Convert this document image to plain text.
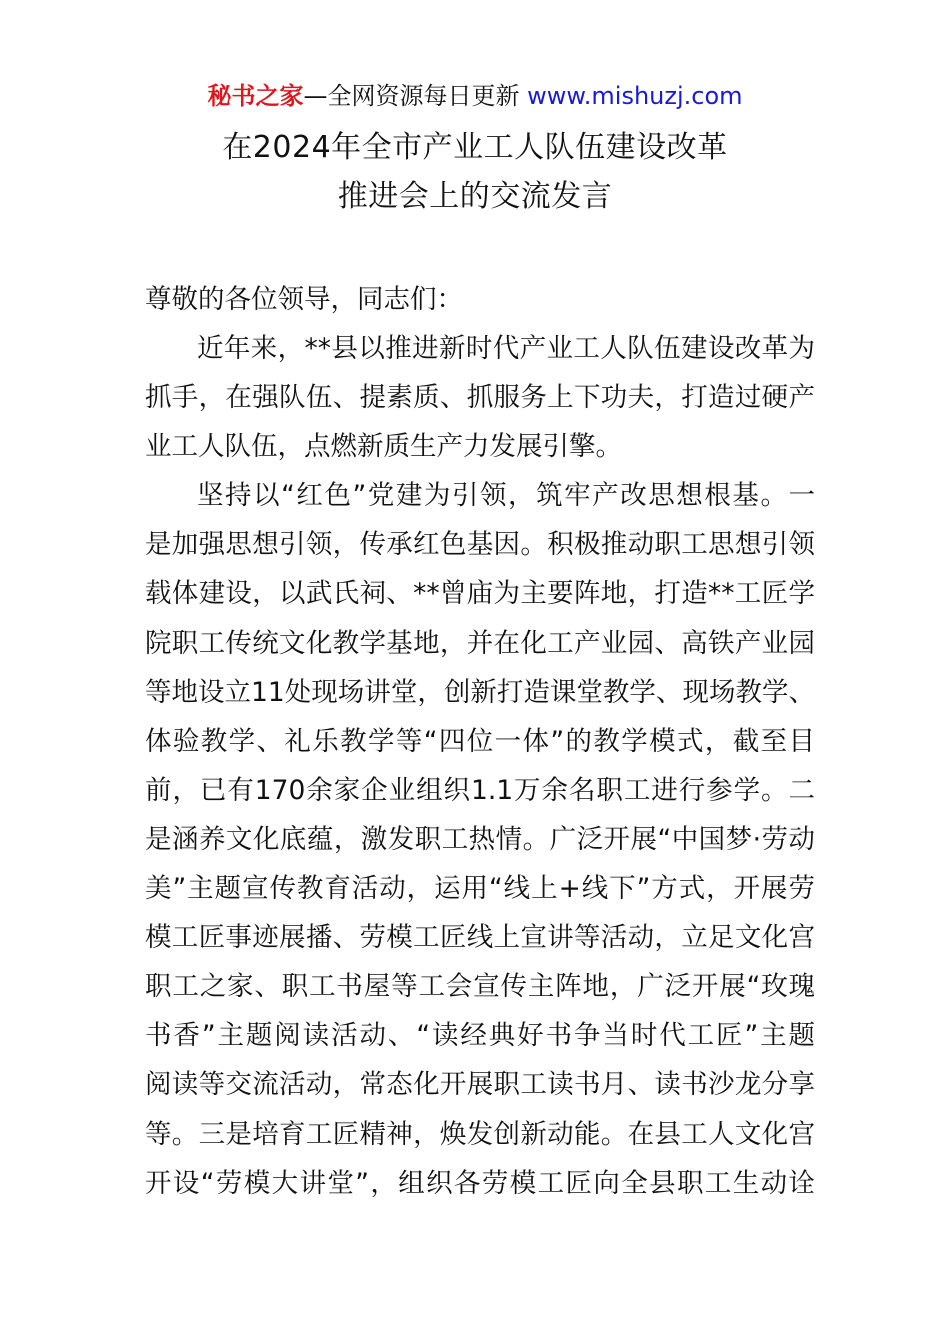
秘书之家—全网资源每日更新 www.mishuzj.com
在2024年全市产业工人队伍建设改革
推进会上的交流发言
尊敬的各位领导，同志们：
近年来，**县以推进新时代产业工人队伍建设改革为
抓手，在强队伍、提素质、抓服务上下功夫，打造过硬产
业工人队伍，点燃新质生产力发展引擎。
坚持以“红色”党建为引领，筑牢产改思想根基。一
是加强思想引领，传承红色基因。积极推动职工思想引领
载体建设，以武氏祠、**曾庙为主要阵地，打造**工匠学
院职工传统文化教学基地，并在化工产业园、高铁产业园
等地设立11处现场讲堂，创新打造课堂教学、现场教学、
体验教学、礼乐教学等“四位一体”的教学模式，截至目
前，已有170余家企业组织1.1万余名职工进行参学。二
是涵养文化底蕴，激发职工热情。广泛开展“中国梦·劳动
美”主题宣传教育活动，运用“线上+线下”方式，开展劳
模工匠事迹展播、劳模工匠线上宣讲等活动，立足文化宫
职工之家、职工书屋等工会宣传主阵地，广泛开展“玫瑰
书香”主题阅读活动、“读经典好书争当时代工匠”主题
阅读等交流活动，常态化开展职工读书月、读书沙龙分享
等。三是培育工匠精神，焕发创新动能。在县工人文化宫
开设“劳模大讲堂”，组织各劳模工匠向全县职工生动诠
